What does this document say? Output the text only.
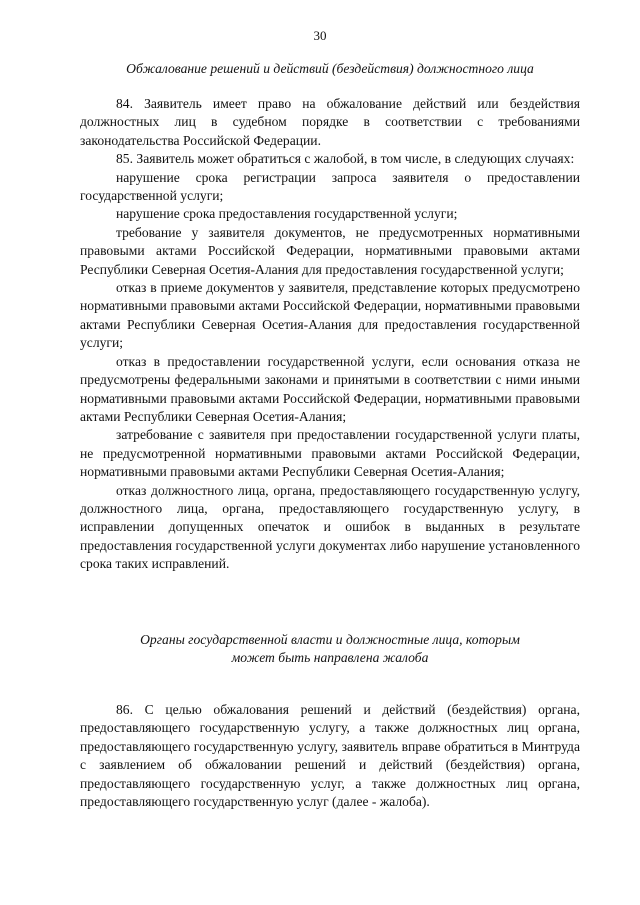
30
Обжалование решений и действий (бездействия) должностного лица

84. Заявитель имеет право на обжалование действий или бездействия должностных лиц в судебном порядке в соответствии с требованиями законодательства Российской Федерации.

85. Заявитель может обратиться с жалобой, в том числе, в следующих случаях:

нарушение срока регистрации запроса заявителя о предоставлении государственной услуги;

нарушение срока предоставления государственной услуги;

требование у заявителя документов, не предусмотренных нормативными правовыми актами Российской Федерации, нормативными правовыми актами Республики Северная Осетия-Алания для предоставления государственной услуги;

отказ в приеме документов у заявителя, представление которых предусмотрено нормативными правовыми актами Российской Федерации, нормативными правовыми актами Республики Северная Осетия-Алания для предоставления государственной услуги;

отказ в предоставлении государственной услуги, если основания отказа не предусмотрены федеральными законами и принятыми в соответствии с ними иными нормативными правовыми актами Российской Федерации, нормативными правовыми актами Республики Северная Осетия-Алания;

затребование с заявителя при предоставлении государственной услуги платы, не предусмотренной нормативными правовыми актами Российской Федерации, нормативными правовыми актами Республики Северная Осетия-Алания;

отказ должностного лица, органа, предоставляющего государственную услугу, должностного лица, органа, предоставляющего государственную услугу, в исправлении допущенных опечаток и ошибок в выданных в результате предоставления государственной услуги документах либо нарушение установленного срока таких исправлений.

Органы государственной власти и должностные лица, которым
может быть направлена жалоба

86. С целью обжалования решений и действий (бездействия) органа, предоставляющего государственную услугу, а также должностных лиц органа, предоставляющего государственную услугу, заявитель вправе обратиться в Минтруда с заявлением об обжаловании решений и действий (бездействия) органа, предоставляющего государственную услуг, а также должностных лиц органа, предоставляющего государственную услуг (далее - жалоба).
